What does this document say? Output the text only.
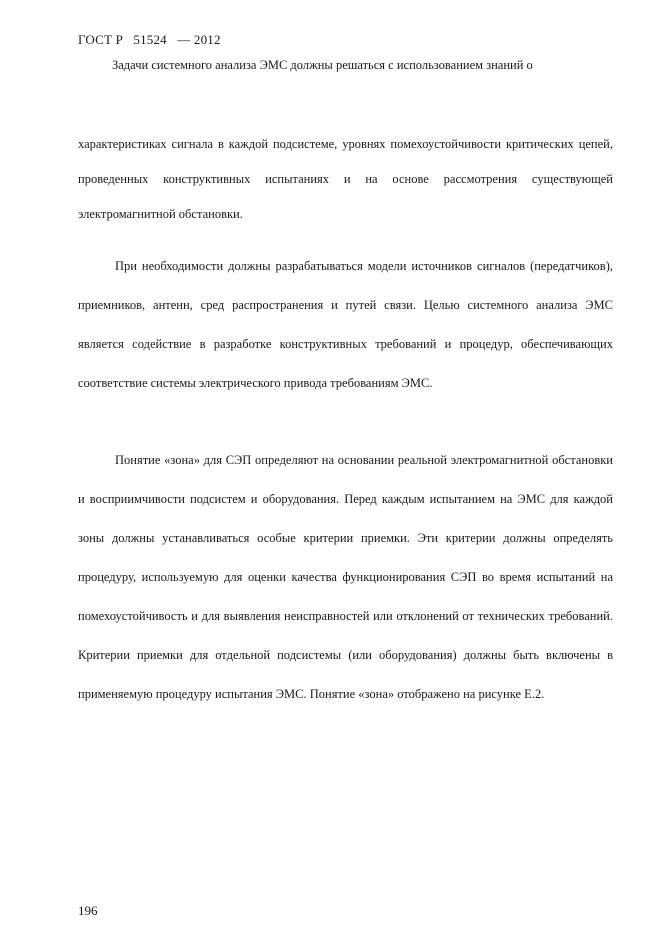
ГОСТ Р   51524   — 2012
Задачи системного анализа ЭМС должны решаться с использованием знаний о

характеристиках сигнала в каждой подсистеме, уровнях помехоустойчивости критических цепей, проведенных конструктивных испытаниях и на основе рассмотрения существующей электромагнитной обстановки.

При необходимости должны разрабатываться модели источников сигналов (передатчиков), приемников, антенн, сред распространения и путей связи. Целью системного анализа ЭМС является содействие в разработке конструктивных требований и процедур, обеспечивающих соответствие системы электрического привода требованиям ЭМС.

Понятие «зона» для СЭП определяют на основании реальной электромагнитной обстановки и восприимчивости подсистем и оборудования. Перед каждым испытанием на ЭМС для каждой зоны должны устанавливаться особые критерии приемки. Эти критерии должны определять процедуру, используемую для оценки качества функционирования СЭП во время испытаний на помехоустойчивость и для выявления неисправностей или отклонений от технических требований. Критерии приемки для отдельной подсистемы (или оборудования) должны быть включены в применяемую процедуру испытания ЭМС. Понятие «зона» отображено на рисунке Е.2.

196
